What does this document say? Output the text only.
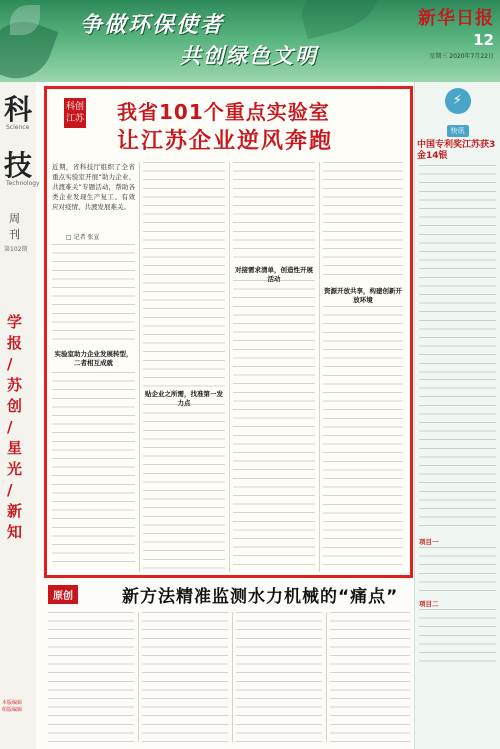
争做环保使者
共创绿色文明
新华日报 12
星期三 2020年7月22日
科
Science
技
Technology
周
刊
第102期
学
报
/
苏
创
/
星
光
/
新
知
本版编辑
组版编辑
科创江苏 我省101个重点实验室
让江苏企业逆风奔跑
近期，省科技厅组织了全省重点实验室开展“助力企业、共渡难关”专题活动，帮助各类企业发现生产复工、有效应对疫情、共渡发展难关。
□ 记者 张宣
实验室助力企业发展转型，二者相互成就
贴企业之所需，找准第一发力点
对接需求清单，创造性开展活动
资源开放共享，构建创新开放环境
⚡
快讯
中国专利奖江苏获3金14银
项目一
项目二
原创	新方法精准监测水力机械的“痛点”
